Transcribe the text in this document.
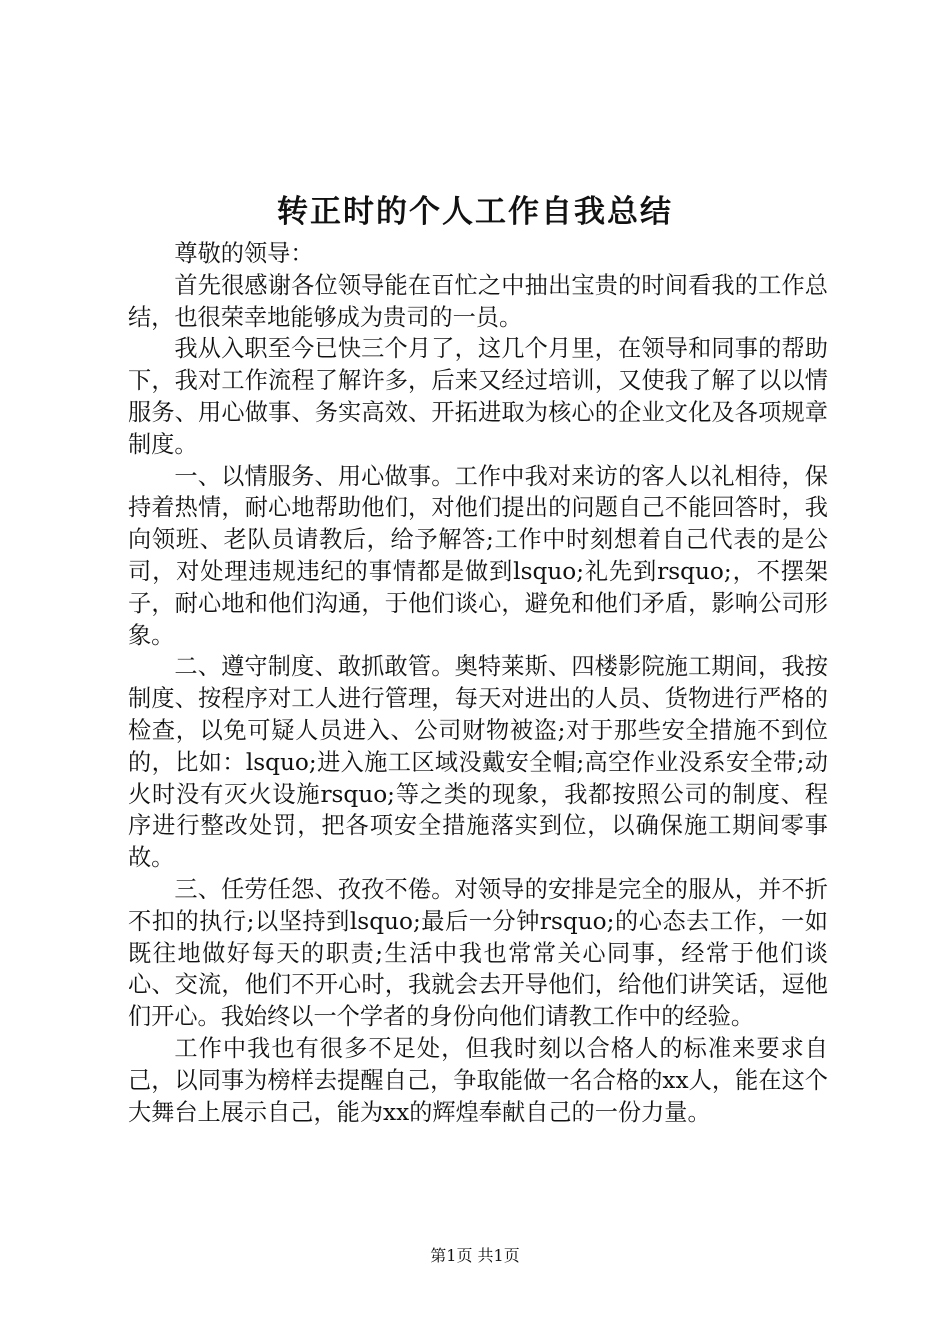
转正时的个人工作自我总结

尊敬的领导：

首先很感谢各位领导能在百忙之中抽出宝贵的时间看我的工作总结，也很荣幸地能够成为贵司的一员。

我从入职至今已快三个月了，这几个月里，在领导和同事的帮助下，我对工作流程了解许多，后来又经过培训，又使我了解了以以情服务、用心做事、务实高效、开拓进取为核心的企业文化及各项规章制度。

一、以情服务、用心做事。工作中我对来访的客人以礼相待，保持着热情，耐心地帮助他们，对他们提出的问题自己不能回答时，我向领班、老队员请教后，给予解答;工作中时刻想着自己代表的是公司，对处理违规违纪的事情都是做到lsquo;礼先到rsquo;，不摆架子，耐心地和他们沟通，于他们谈心，避免和他们矛盾，影响公司形象。

二、遵守制度、敢抓敢管。奥特莱斯、四楼影院施工期间，我按制度、按程序对工人进行管理，每天对进出的人员、货物进行严格的检查，以免可疑人员进入、公司财物被盗;对于那些安全措施不到位的，比如：lsquo;进入施工区域没戴安全帽;高空作业没系安全带;动火时没有灭火设施rsquo;等之类的现象，我都按照公司的制度、程序进行整改处罚，把各项安全措施落实到位，以确保施工期间零事故。

三、任劳任怨、孜孜不倦。对领导的安排是完全的服从，并不折不扣的执行;以坚持到lsquo;最后一分钟rsquo;的心态去工作，一如既往地做好每天的职责;生活中我也常常关心同事，经常于他们谈心、交流，他们不开心时，我就会去开导他们，给他们讲笑话，逗他们开心。我始终以一个学者的身份向他们请教工作中的经验。

工作中我也有很多不足处，但我时刻以合格人的标准来要求自己，以同事为榜样去提醒自己，争取能做一名合格的xx人，能在这个大舞台上展示自己，能为xx的辉煌奉献自己的一份力量。

第1页 共1页
